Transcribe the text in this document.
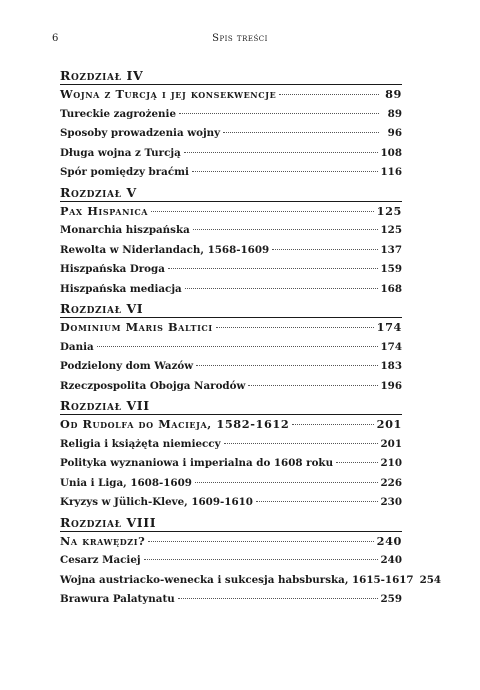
6	Spis treści
Rozdział IV
Wojna z Turcją i jej konsekwencje	89
Tureckie zagrożenie	89
Sposoby prowadzenia wojny	96
Długa wojna z Turcją	108
Spór pomiędzy braćmi	116
Rozdział V
Pax Hispanica	125
Monarchia hiszpańska	125
Rewolta w Niderlandach, 1568-1609	137
Hiszpańska Droga	159
Hiszpańska mediacja	168
Rozdział VI
Dominium Maris Baltici	174
Dania	174
Podzielony dom Wazów	183
Rzeczpospolita Obojga Narodów	196
Rozdział VII
Od Rudolfa do Macieja, 1582-1612	201
Religia i książęta niemieccy	201
Polityka wyznaniowa i imperialna do 1608 roku	210
Unia i Liga, 1608-1609	226
Kryzys w Jülich-Kleve, 1609-1610	230
Rozdział VIII
Na krawędzi?	240
Cesarz Maciej	240
Wojna austriacko-wenecka i sukcesja habsburska, 1615-1617 254
Brawura Palatynatu	259
